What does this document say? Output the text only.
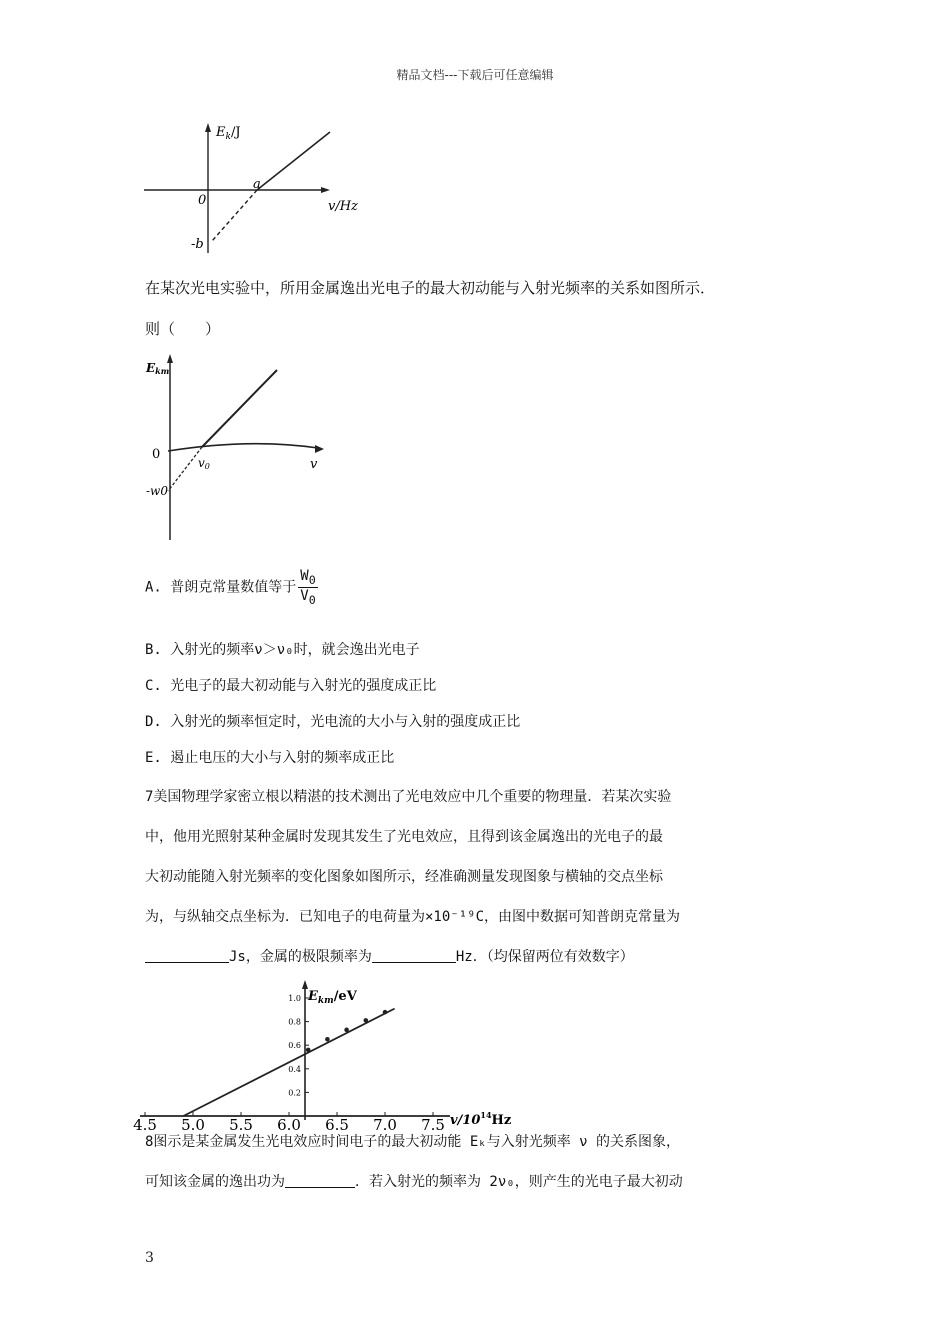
精品文档---下载后可任意编辑
$E_k/J$
v/Hz
0
a
-b
在某次光电实验中，所用金属逸出光电子的最大初动能与入射光频率的关系如图所示．
则（　　）
Ekm
0
v0	v
-w0
A. 普朗克常量数值等于 $\frac{W_0}{V_0}$
B. 入射光的频率ν＞ν₀时，就会逸出光电子
C. 光电子的最大初动能与入射光的强度成正比
D. 入射光的频率恒定时，光电流的大小与入射的强度成正比
E. 遏止电压的大小与入射的频率成正比
7美国物理学家密立根以精湛的技术测出了光电效应中几个重要的物理量．若某次实验
中，他用光照射某种金属时发现其发生了光电效应，且得到该金属逸出的光电子的最
大初动能随入射光频率的变化图象如图所示，经准确测量发现图象与横轴的交点坐标
为，与纵轴交点坐标为．已知电子的电荷量为×10⁻¹⁹C，由图中数据可知普朗克常量为
Js，金属的极限频率为	Hz．（均保留两位有效数字）
$E_{km}/eV$
$v/10^{14}Hz$
1.0
0.8
0.6
0.4
0.2
4.5 5.0 5.5 6.0 6.5 7.0 7.5
8图示是某金属发生光电效应时间电子的最大初动能 Eₖ与入射光频率 ν 的关系图象，
可知该金属的逸出功为	．若入射光的频率为 2ν₀，则产生的光电子最大初动
3
